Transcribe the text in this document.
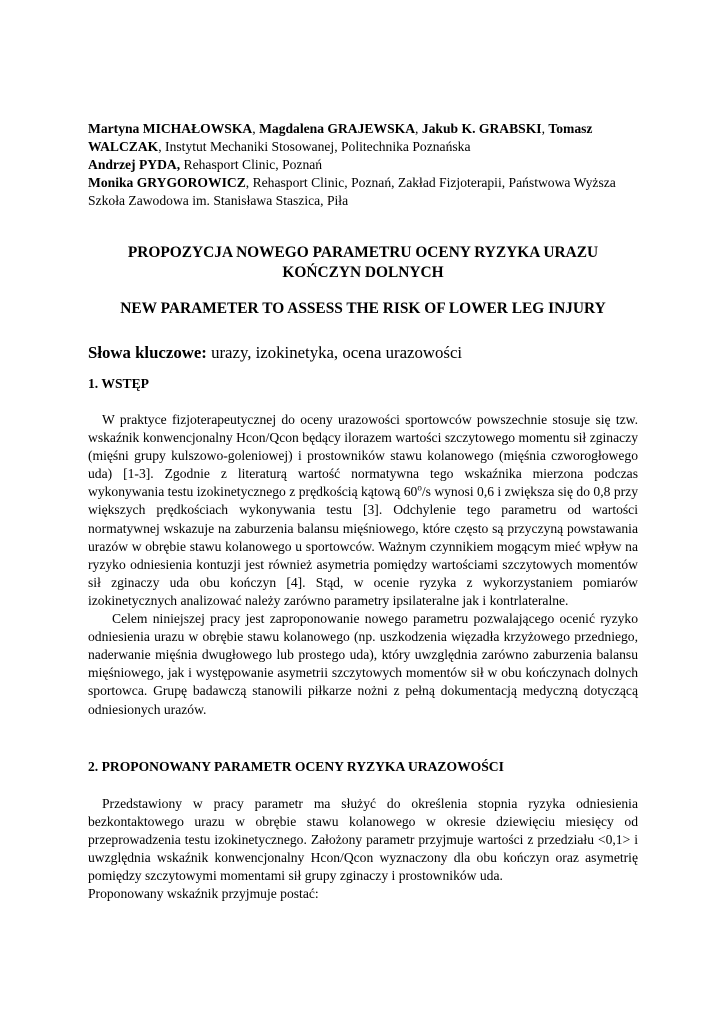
Martyna MICHAŁOWSKA, Magdalena GRAJEWSKA, Jakub K. GRABSKI, Tomasz WALCZAK, Instytut Mechaniki Stosowanej, Politechnika Poznańska

Andrzej PYDA, Rehasport Clinic, Poznań

Monika GRYGOROWICZ, Rehasport Clinic, Poznań, Zakład Fizjoterapii, Państwowa Wyższa Szkoła Zawodowa im. Stanisława Staszica, Piła

PROPOZYCJA NOWEGO PARAMETRU OCENY RYZYKA URAZU
KOŃCZYN DOLNYCH
NEW PARAMETER TO ASSESS THE RISK OF LOWER LEG INJURY

Słowa kluczowe: urazy, izokinetyka, ocena urazowości

1. WSTĘP

W praktyce fizjoterapeutycznej do oceny urazowości sportowców powszechnie stosuje się tzw. wskaźnik konwencjonalny Hcon/Qcon będący ilorazem wartości szczytowego momentu sił zginaczy (mięśni grupy kulszowo-goleniowej) i prostowników stawu kolanowego (mięśnia czworogłowego uda) [1-3]. Zgodnie z literaturą wartość normatywna tego wskaźnika mierzona podczas wykonywania testu izokinetycznego z prędkością kątową 60$^o$/s wynosi 0,6 i zwiększa się do 0,8 przy większych prędkościach wykonywania testu [3]. Odchylenie tego parametru od wartości normatywnej wskazuje na zaburzenia balansu mięśniowego, które często są przyczyną powstawania urazów w obrębie stawu kolanowego u sportowców. Ważnym czynnikiem mogącym mieć wpływ na ryzyko odniesienia kontuzji jest również asymetria pomiędzy wartościami szczytowych momentów sił zginaczy uda obu kończyn [4]. Stąd, w ocenie ryzyka z wykorzystaniem pomiarów izokinetycznych analizować należy zarówno parametry ipsilateralne jak i kontrlateralne.

Celem niniejszej pracy jest zaproponowanie nowego parametru pozwalającego ocenić ryzyko odniesienia urazu w obrębie stawu kolanowego (np. uszkodzenia więzadła krzyżowego przedniego, naderwanie mięśnia dwugłowego lub prostego uda), który uwzględnia zarówno zaburzenia balansu mięśniowego, jak i występowanie asymetrii szczytowych momentów sił w obu kończynach dolnych sportowca. Grupę badawczą stanowili piłkarze nożni z pełną dokumentacją medyczną dotyczącą odniesionych urazów.

2. PROPONOWANY PARAMETR OCENY RYZYKA URAZOWOŚCI

Przedstawiony w pracy parametr ma służyć do określenia stopnia ryzyka odniesienia bezkontaktowego urazu w obrębie stawu kolanowego w okresie dziewięciu miesięcy od przeprowadzenia testu izokinetycznego. Założony parametr przyjmuje wartości z przedziału <0,1> i uwzględnia wskaźnik konwencjonalny Hcon/Qcon wyznaczony dla obu kończyn oraz asymetrię pomiędzy szczytowymi momentami sił grupy zginaczy i prostowników uda.

Proponowany wskaźnik przyjmuje postać:
